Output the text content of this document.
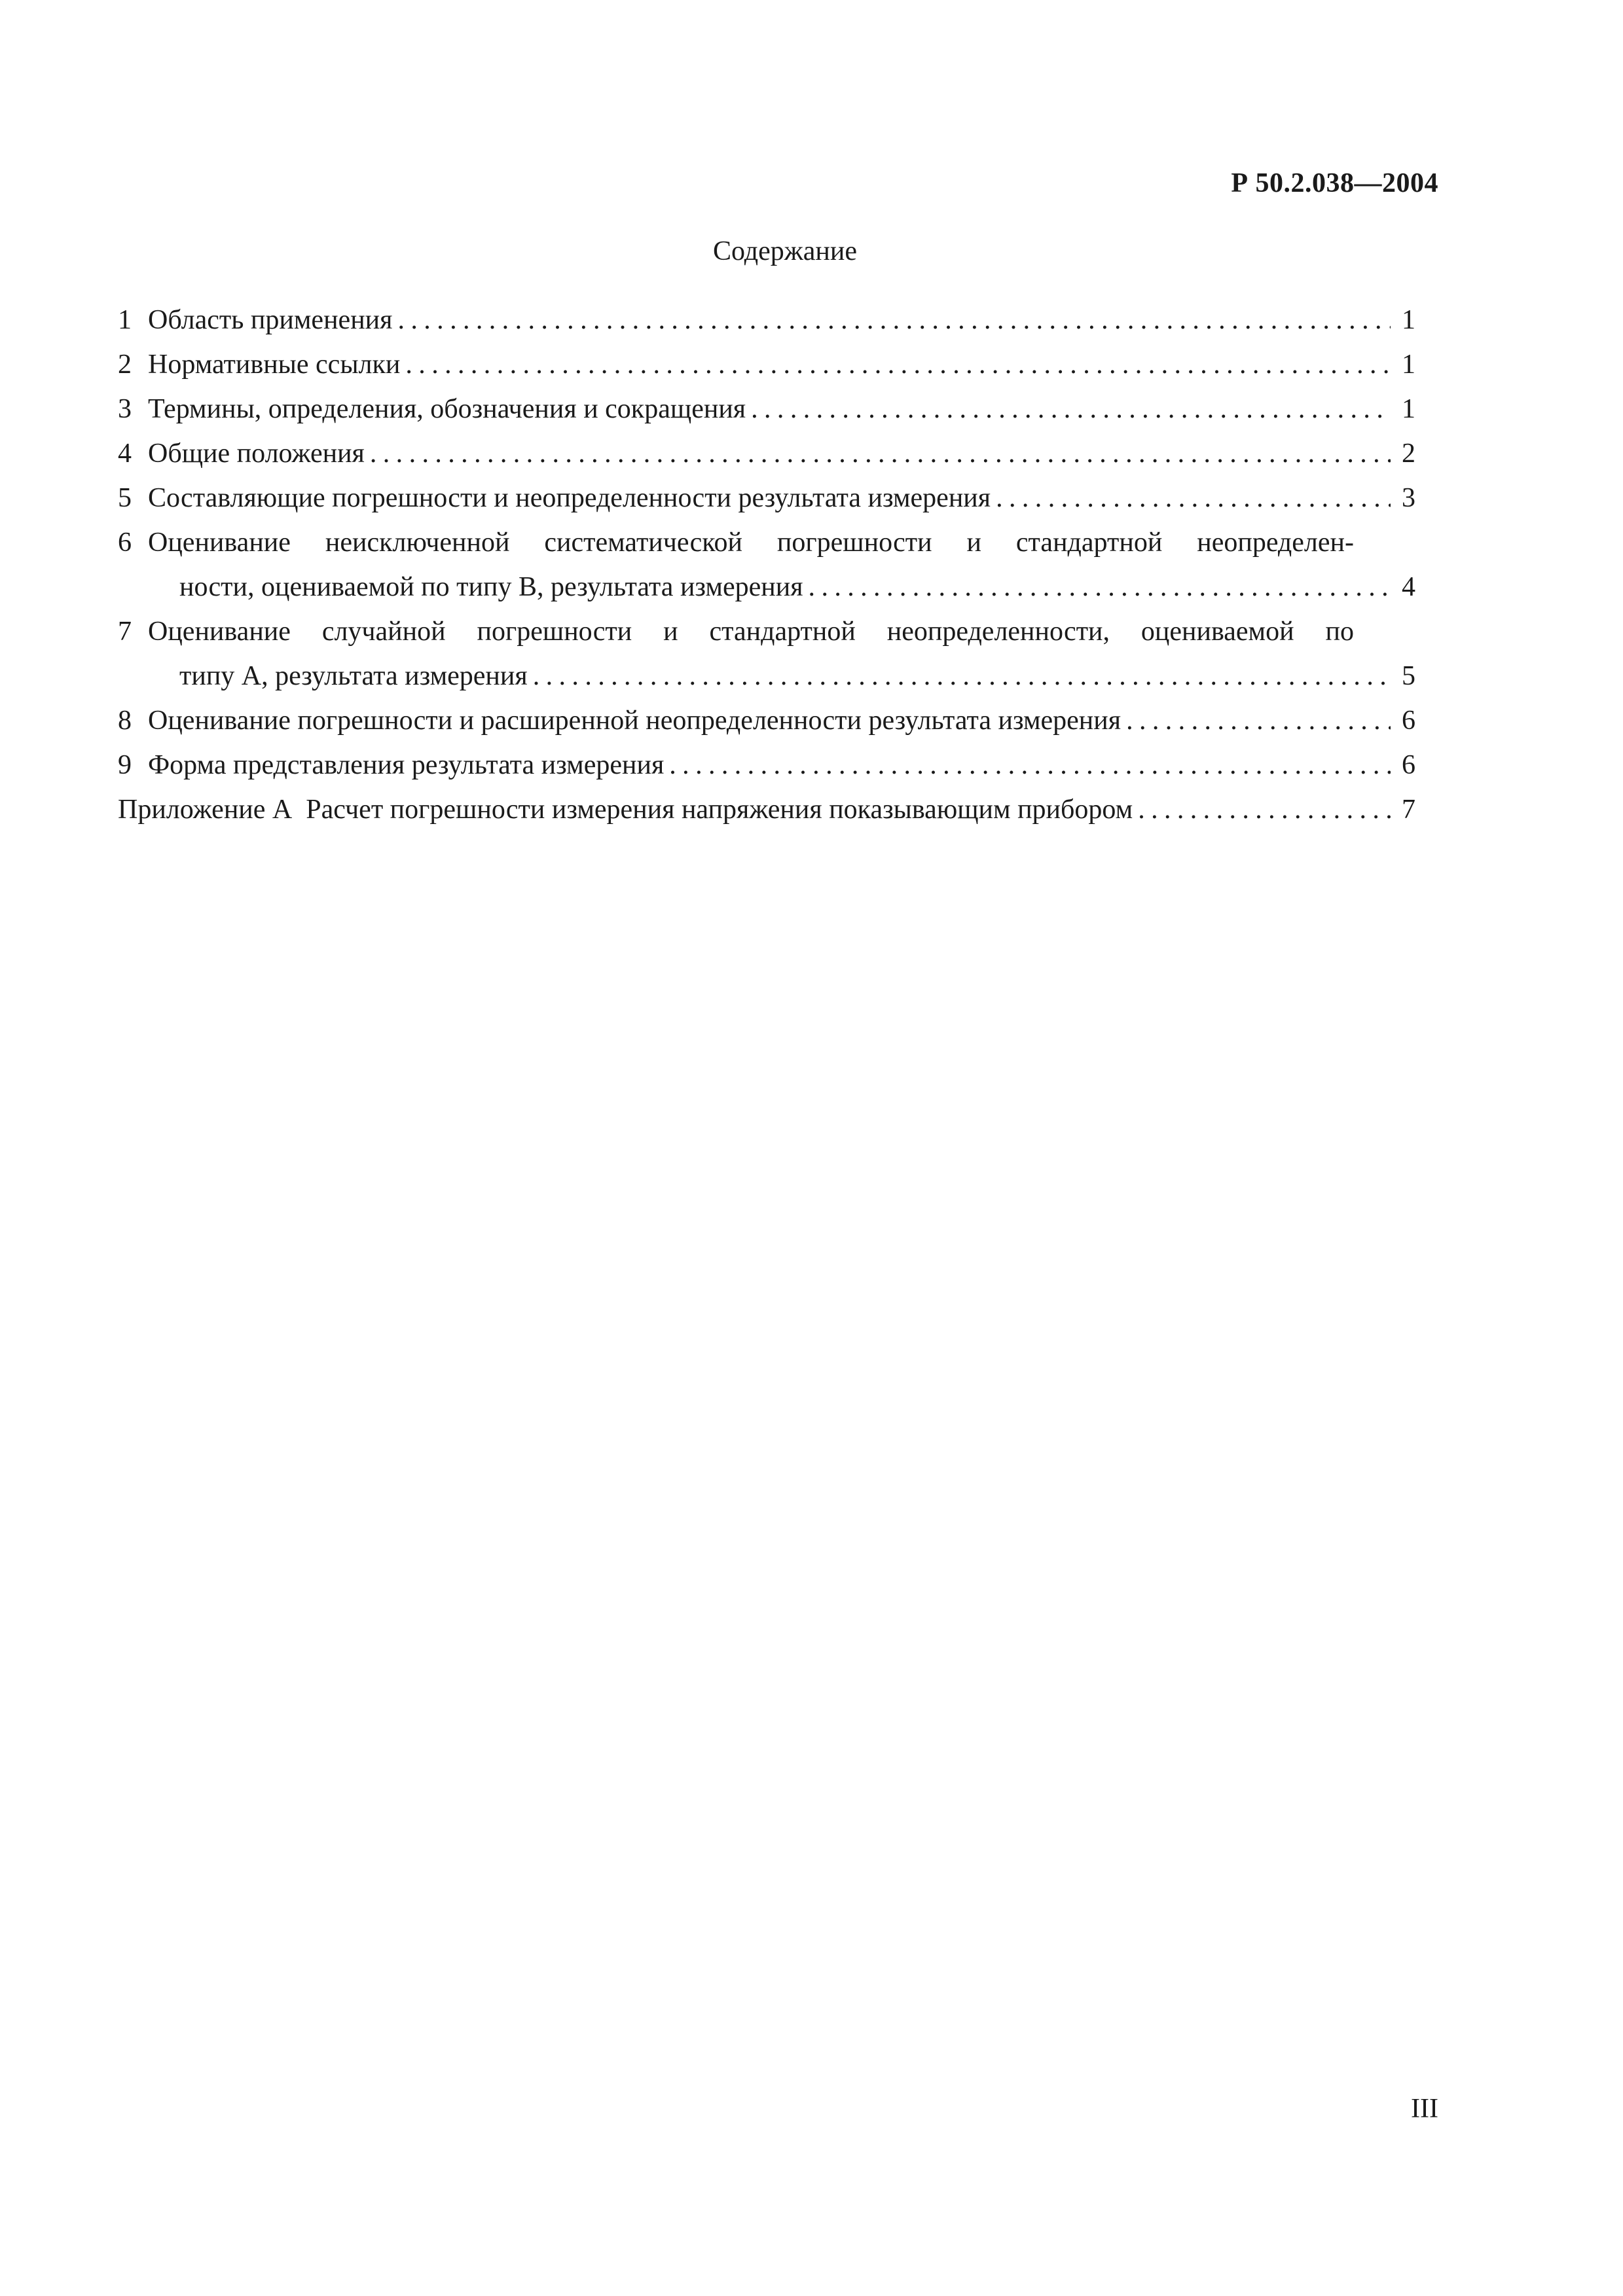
Р 50.2.038—2004
Содержание
1 Область применения .....	1
2 Нормативные ссылки .....	1
3 Термины, определения, обозначения и сокращения .....	1
4 Общие положения .....	2
5 Составляющие погрешности и неопределенности результата измерения .....	3
6 Оценивание неисключенной систематической погрешности и стандартной неопределен-
ности, оцениваемой по типу В, результата измерения .....	4
7 Оценивание случайной погрешности и стандартной неопределенности, оцениваемой по
типу А, результата измерения .....	5
8 Оценивание погрешности и расширенной неопределенности результата измерения .....	6
9 Форма представления результата измерения .....	6
Приложение А  Расчет погрешности измерения напряжения показывающим прибором .....	7
III
